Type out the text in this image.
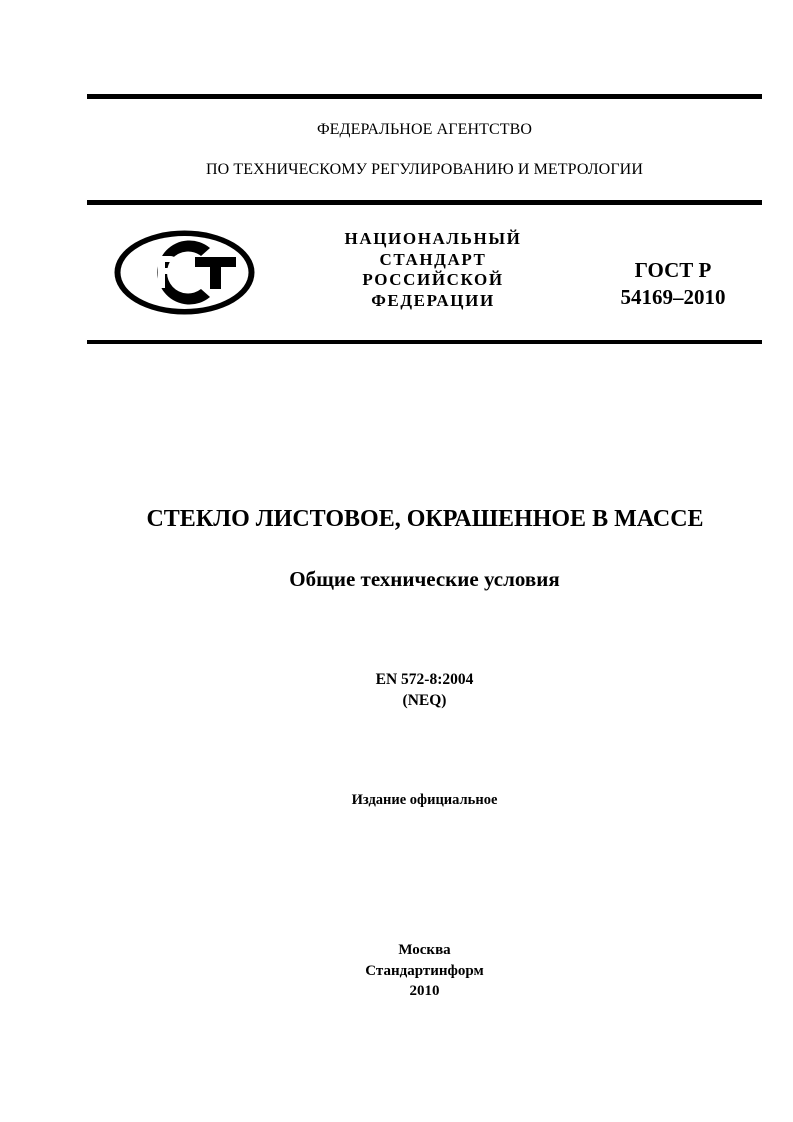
ФЕДЕРАЛЬНОЕ АГЕНТСТВО
ПО ТЕХНИЧЕСКОМУ РЕГУЛИРОВАНИЮ И МЕТРОЛОГИИ
НАЦИОНАЛЬНЫЙ
СТАНДАРТ
РОССИЙСКОЙ
ФЕДЕРАЦИИ
ГОСТ Р
54169–2010
СТЕКЛО ЛИСТОВОЕ, ОКРАШЕННОЕ В МАССЕ
Общие технические условия
EN 572-8:2004
(NEQ)
Издание официальное
Москва
Стандартинформ
2010
